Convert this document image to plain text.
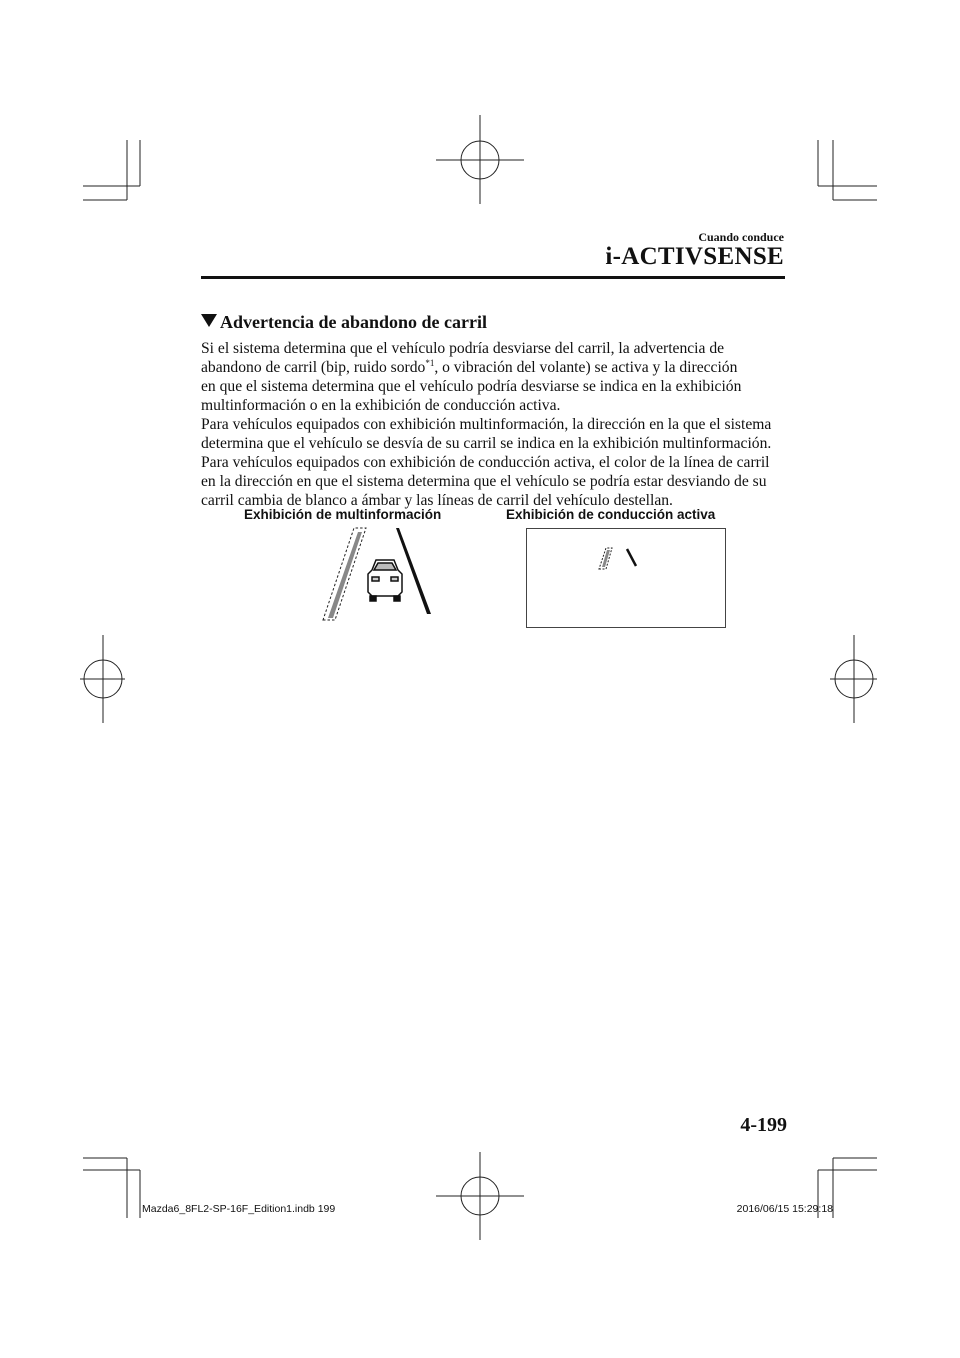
Cuando conduce
i-ACTIVSENSE
Advertencia de abandono de carril

Si el sistema determina que el vehículo podría desviarse del carril, la advertencia de

abandono de carril (bip, ruido sordo$^{*1}$, o vibración del volante) se activa y la dirección

en que el sistema determina que el vehículo podría desviarse se indica en la exhibición

multinformación o en la exhibición de conducción activa.

Para vehículos equipados con exhibición multinformación, la dirección en la que el sistema

determina que el vehículo se desvía de su carril se indica en la exhibición multinformación.

Para vehículos equipados con exhibición de conducción activa, el color de la línea de carril

en la dirección en que el sistema determina que el vehículo se podría estar desviando de su

carril cambia de blanco a ámbar y las líneas de carril del vehículo destellan.

Exhibición de multinformación	Exhibición de conducción activa
4-199
Mazda6_8FL2-SP-16F_Edition1.indb 199	2016/06/15 15:29:18
